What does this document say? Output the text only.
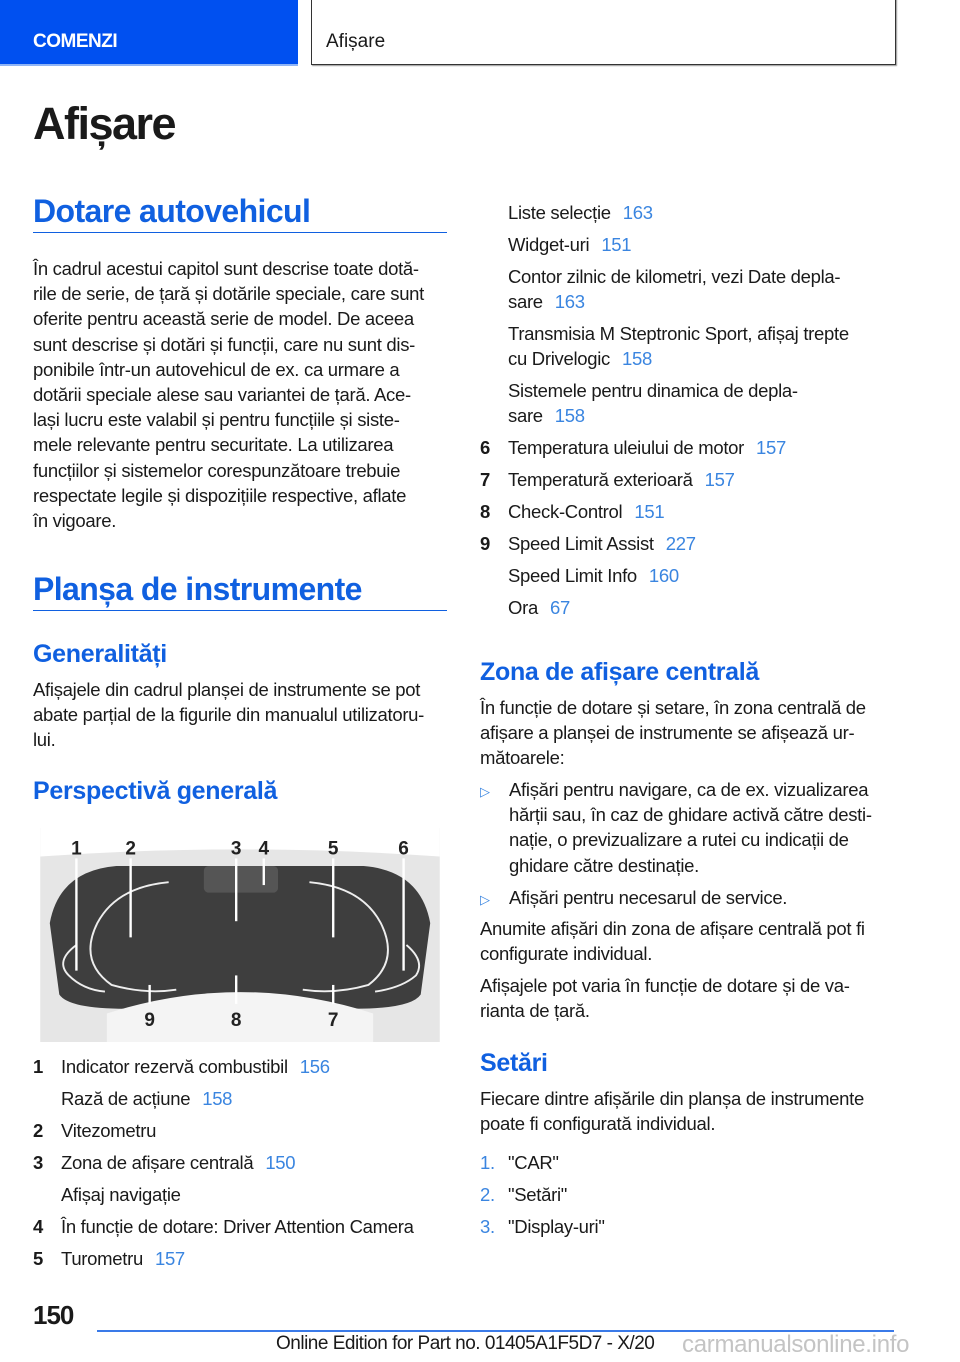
COMENZI	Afișare
Afișare
Dotare autovehicul
În cadrul acestui capitol sunt descrise toate dotă-
rile de serie, de țară și dotările speciale, care sunt
oferite pentru această serie de model. De aceea
sunt descrise și dotări și funcții, care nu sunt dis-
ponibile într-un autovehicul de ex. ca urmare a
dotării speciale alese sau variantei de țară. Ace-
lași lucru este valabil și pentru funcțiile și siste-
mele relevante pentru securitate. La utilizarea
funcțiilor și sistemelor corespunzătoare trebuie
respectate legile și dispozițiile respective, aflate
în vigoare.
Planșa de instrumente
Generalități
Afișajele din cadrul planșei de instrumente se pot
abate parțial de la figurile din manualul utilizatoru-
lui.
Perspectivă generală
1 2	3 4	5	6
7
8
9
1 Indicator rezervă combustibil 156
Rază de acțiune 158
2 Vitezometru
3 Zona de afișare centrală 150
Afișaj navigație
4 În funcție de dotare: Driver Attention Camera
5 Turometru 157
Liste selecție 163
Widget-uri 151
Contor zilnic de kilometri, vezi Date depla-
sare 163
Transmisia M Steptronic Sport, afișaj trepte
cu Drivelogic 158
Sistemele pentru dinamica de depla-
sare 158
6 Temperatura uleiului de motor 157
7 Temperatură exterioară 157
8 Check-Control 151
9 Speed Limit Assist 227
Speed Limit Info 160
Ora 67
Zona de afișare centrală
În funcție de dotare și setare, în zona centrală de
afișare a planșei de instrumente se afișează ur-
mătoarele:
▷	Afișări pentru navigare, ca de ex. vizualizarea
hărții sau, în caz de ghidare activă către desti-
nație, o previzualizare a rutei cu indicații de
ghidare către destinație.
▷	Afișări pentru necesarul de service.
Anumite afișări din zona de afișare centrală pot fi
configurate individual.
Afișajele pot varia în funcție de dotare și de va-
rianta de țară.
Setări
Fiecare dintre afișările din planșa de instrumente
poate fi configurată individual.
1. "CAR"
2. "Setări"
3. "Display-uri"
150
Online Edition for Part no. 01405A1F5D7 - X/20 carmanualsonline.info
